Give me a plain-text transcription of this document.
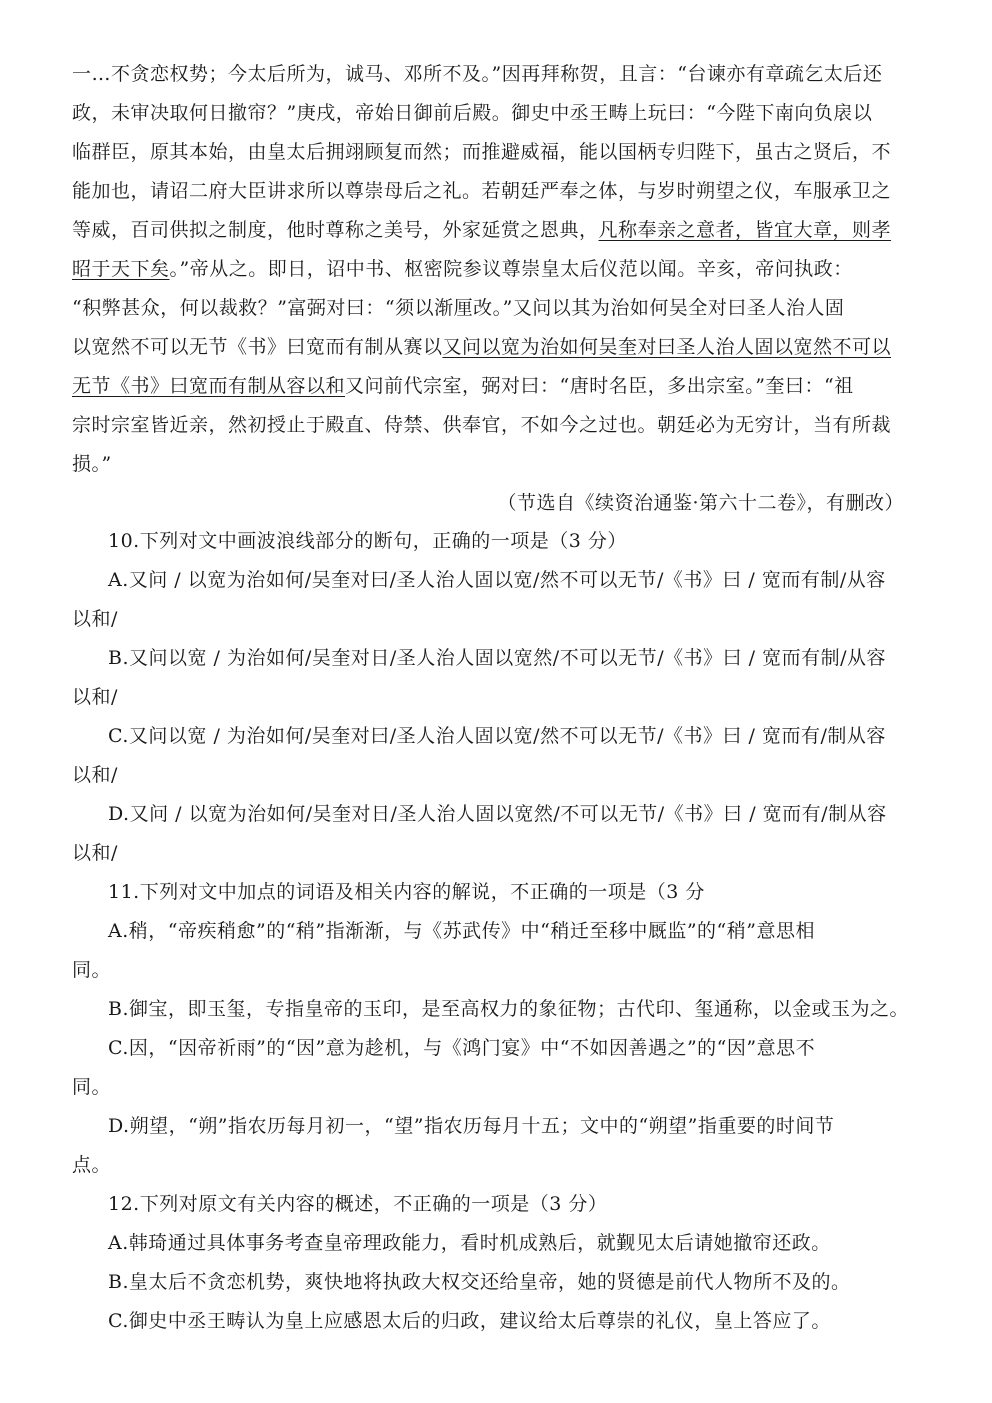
一…不贪恋权势；今太后所为，诚马、邓所不及。”因再拜称贺，且言：“台谏亦有章疏乞太后还
政，未审决取何日撤帘？”庚戌，帝始日御前后殿。御史中丞王畴上玩曰：“今陛下南向负扆以
临群臣，原其本始，由皇太后拥翊顾复而然；而推避威福，能以国柄专归陛下，虽古之贤后，不
能加也，请诏二府大臣讲求所以尊崇母后之礼。若朝廷严奉之体，与岁时朔望之仪，车服承卫之
等威，百司供拟之制度，他时尊称之美号，外家延赏之恩典，凡称奉亲之意者，皆宜大章，则孝
昭于天下矣。”帝从之。即日，诏中书、枢密院参议尊崇皇太后仪范以闻。辛亥，帝问执政：
“积弊甚众，何以裁救？”富弼对曰：“须以渐厘改。”又问以其为治如何吴全对曰圣人治人固
以宽然不可以无节《书》曰宽而有制从赛以又问以宽为治如何吴奎对曰圣人治人固以宽然不可以
无节《书》曰宽而有制从容以和又问前代宗室，弼对曰：“唐时名臣，多出宗室。”奎曰：“祖
宗时宗室皆近亲，然初授止于殿直、侍禁、供奉官，不如今之过也。朝廷必为无穷计，当有所裁
损。”
（节选自《续资治通鉴·第六十二卷》，有删改）
10.下列对文中画波浪线部分的断句，正确的一项是（3 分）
A.又问 / 以宽为治如何/吴奎对曰/圣人治人固以宽/然不可以无节/《书》曰 / 宽而有制/从容
以和/
B.又问以宽 / 为治如何/吴奎对日/圣人治人固以宽然/不可以无节/《书》曰 / 宽而有制/从容
以和/
C.又问以宽 / 为治如何/吴奎对曰/圣人治人固以宽/然不可以无节/《书》曰 / 宽而有/制从容
以和/
D.又问 / 以宽为治如何/吴奎对日/圣人治人固以宽然/不可以无节/《书》曰 / 宽而有/制从容
以和/
11.下列对文中加点的词语及相关内容的解说，不正确的一项是（3 分
A.稍，“帝疾稍愈”的“稍”指渐渐，与《苏武传》中“稍迁至移中厩监”的“稍”意思相
同。
B.御宝，即玉玺，专指皇帝的玉印，是至高权力的象征物；古代印、玺通称，以金或玉为之。
C.因，“因帝祈雨”的“因”意为趁机，与《鸿门宴》中“不如因善遇之”的“因”意思不
同。
D.朔望，“朔”指农历每月初一，“望”指农历每月十五；文中的“朔望”指重要的时间节
点。
12.下列对原文有关内容的概述，不正确的一项是（3 分）
A.韩琦通过具体事务考查皇帝理政能力，看时机成熟后，就觐见太后请她撤帘还政。
B.皇太后不贪恋机势，爽快地将执政大权交还给皇帝，她的贤德是前代人物所不及的。
C.御史中丞王畴认为皇上应感恩太后的归政，建议给太后尊崇的礼仪，皇上答应了。
